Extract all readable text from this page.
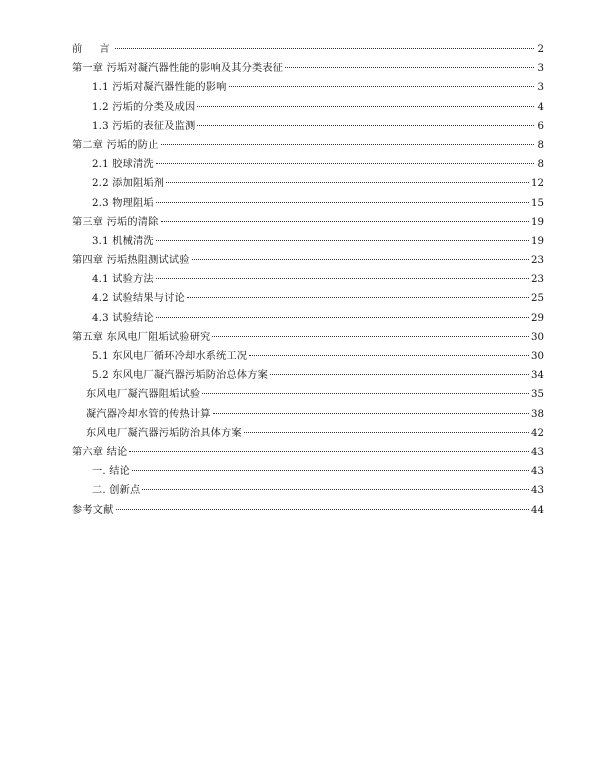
前　言	2
第一章 污垢对凝汽器性能的影响及其分类表征	3
1.1 污垢对凝汽器性能的影响	3
1.2 污垢的分类及成因	4
1.3 污垢的表征及监测	6
第二章 污垢的防止	8
2.1 胶球清洗	8
2.2 添加阻垢剂	12
2.3 物理阻垢	15
第三章 污垢的清除	19
3.1 机械清洗	19
第四章 污垢热阻测试试验	23
4.1 试验方法	23
4.2 试验结果与讨论	25
4.3 试验结论	29
第五章 东风电厂阻垢试验研究	30
5.1 东风电厂循环冷却水系统工况	30
5.2 东风电厂凝汽器污垢防治总体方案	34
东风电厂凝汽器阻垢试验	35
凝汽器冷却水管的传热计算	38
东风电厂凝汽器污垢防治具体方案	42
第六章 结论	43
一. 结论	43
二. 创新点	43
参考文献	44
